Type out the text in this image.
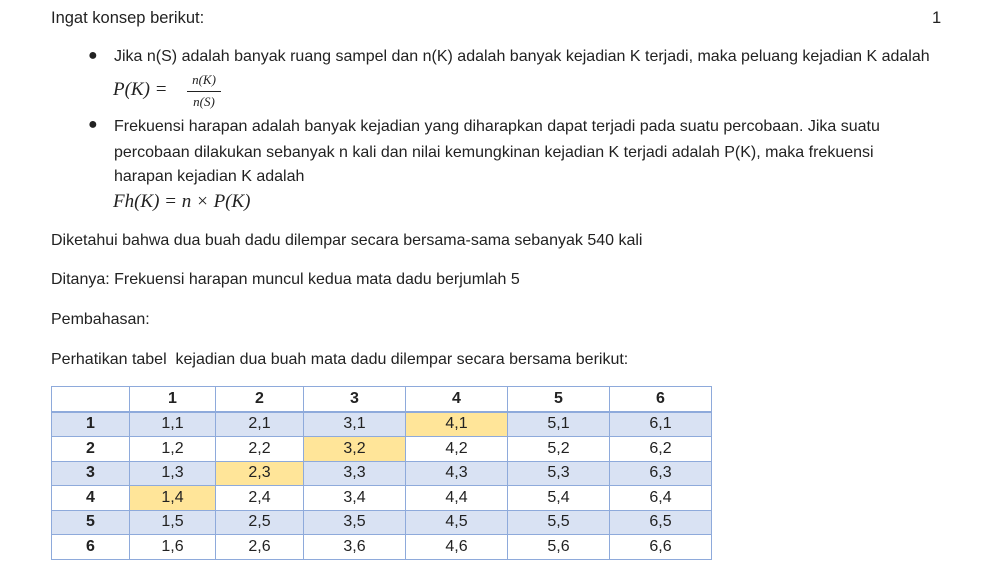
Ingat konsep berikut:	1
● Jika n(S) adalah banyak ruang sampel dan n(K) adalah banyak kejadian K terjadi, maka peluang kejadian K adalah
P(K) =	n(K)
n(S)
● Frekuensi harapan adalah banyak kejadian yang diharapkan dapat terjadi pada suatu percobaan. Jika suatu
percobaan dilakukan sebanyak n kali dan nilai kemungkinan kejadian K terjadi adalah P(K), maka frekuensi
harapan kejadian K adalah
Fh(K) = n × P(K)
Diketahui bahwa dua buah dadu dilempar secara bersama-sama sebanyak 540 kali
Ditanya: Frekuensi harapan muncul kedua mata dadu berjumlah 5
Pembahasan:
Perhatikan tabel  kejadian dua buah mata dadu dilempar secara bersama berikut:
	1	2	3	4	5	6
1	1,1	2,1	3,1	4,1	5,1	6,1
2	1,2	2,2	3,2	4,2	5,2	6,2
3	1,3	2,3	3,3	4,3	5,3	6,3
4	1,4	2,4	3,4	4,4	5,4	6,4
5	1,5	2,5	3,5	4,5	5,5	6,5
6	1,6	2,6	3,6	4,6	5,6	6,6
